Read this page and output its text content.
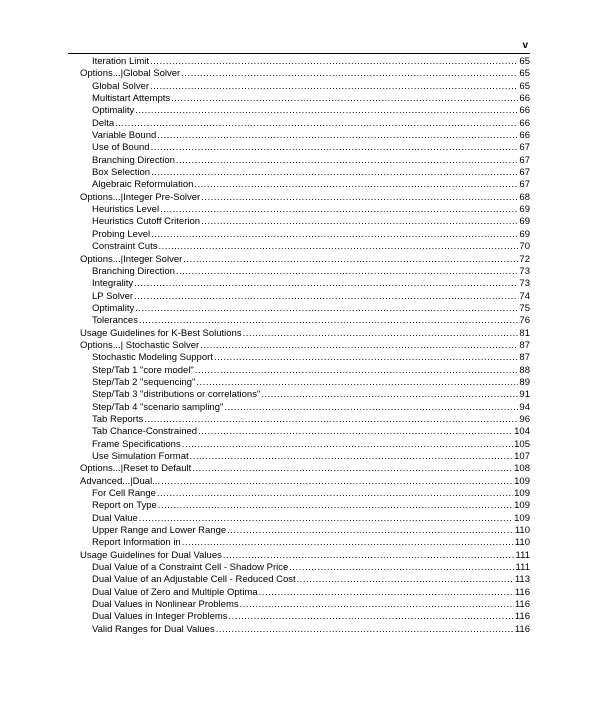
v
Iteration Limit .....	65
Options...|Global Solver .....	65
Global Solver .....	65
Multistart Attempts .....	66
Optimality .....	66
Delta .....	66
Variable Bound .....	66
Use of Bound .....	67
Branching Direction .....	67
Box Selection .....	67
Algebraic Reformulation .....	67
Options...|Integer Pre-Solver .....	68
Heuristics Level .....	69
Heuristics Cutoff Criterion .....	69
Probing Level .....	69
Constraint Cuts .....	70
Options...|Integer Solver .....	72
Branching Direction .....	73
Integrality .....	73
LP Solver .....	74
Optimality .....	75
Tolerances .....	76
Usage Guidelines for K-Best Solutions .....	81
Options...| Stochastic Solver .....	87
Stochastic Modeling Support .....	87
Step/Tab 1 "core model" .....	88
Step/Tab 2 "sequencing" .....	89
Step/Tab 3 "distributions or correlations" .....	91
Step/Tab 4 "scenario sampling" .....	94
Tab Reports .....	96
Tab Chance-Constrained .....	104
Frame Specifications .....	105
Use Simulation Format .....	107
Options...|Reset to Default .....	108
Advanced...|Dual... .....	109
For Cell Range .....	109
Report on Type .....	109
Dual Value .....	109
Upper Range and Lower Range .....	110
Report Information in .....	110
Usage Guidelines for Dual Values .....	111
Dual Value of a Constraint Cell - Shadow Price .....	111
Dual Value of an Adjustable Cell - Reduced Cost .....	113
Dual Value of Zero and Multiple Optima .....	116
Dual Values in Nonlinear Problems .....	116
Dual Values in Integer Problems .....	116
Valid Ranges for Dual Values .....	116
